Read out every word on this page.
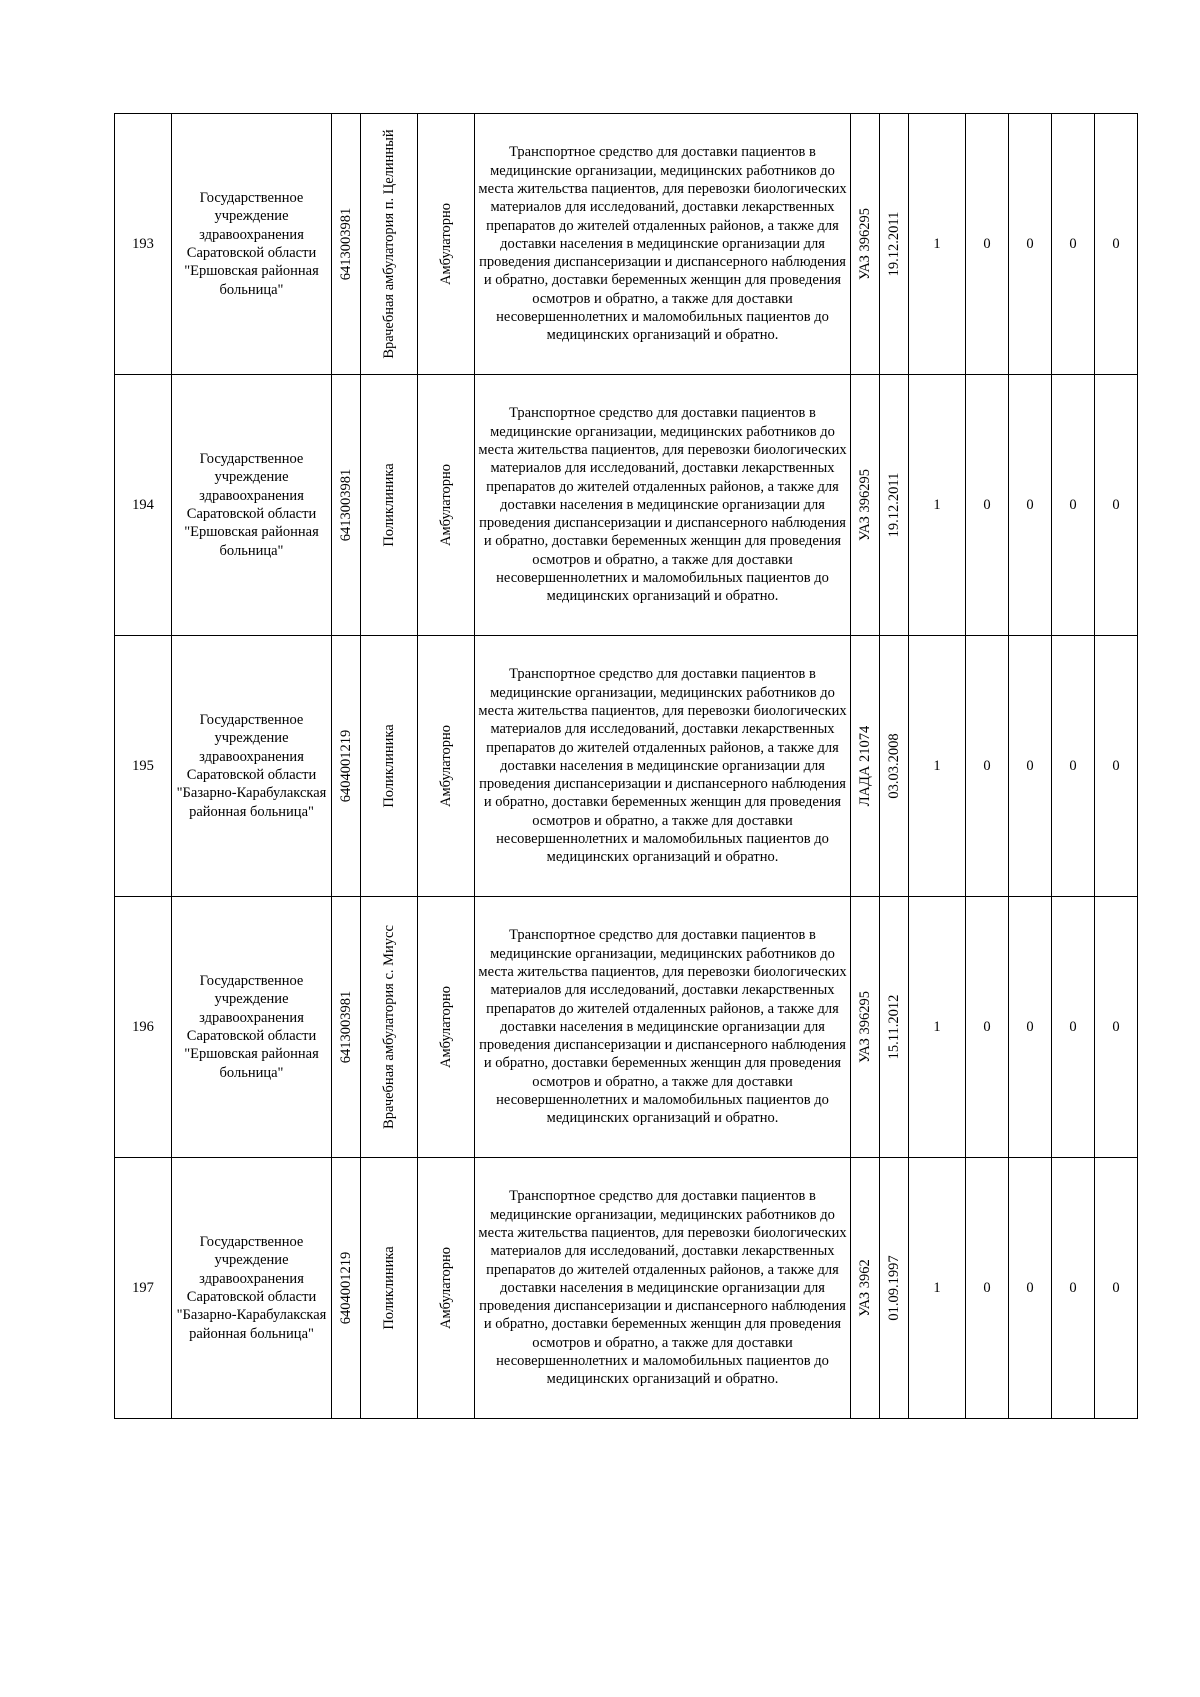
193	Государственное учреждение здравоохранения Саратовской области "Ершовская районная больница"	6413003981	Врачебная амбулатория п. Целинный	Амбулаторно	Транспортное средство для доставки пациентов в медицинские организации, медицинских работников до места жительства пациентов, для перевозки биологических материалов для исследований, доставки лекарственных препаратов до жителей отдаленных районов, а также для доставки населения в медицинские организации для проведения диспансеризации и диспансерного наблюдения и обратно, доставки беременных женщин для проведения осмотров и обратно, а также для доставки несовершеннолетних и маломобильных пациентов до медицинских организаций и обратно.	УАЗ 396295	19.12.2011	1	0	0	0	0
194	Государственное учреждение здравоохранения Саратовской области "Ершовская районная больница"	6413003981	Поликлиника	Амбулаторно	Транспортное средство для доставки пациентов в медицинские организации, медицинских работников до места жительства пациентов, для перевозки биологических материалов для исследований, доставки лекарственных препаратов до жителей отдаленных районов, а также для доставки населения в медицинские организации для проведения диспансеризации и диспансерного наблюдения и обратно, доставки беременных женщин для проведения осмотров и обратно, а также для доставки несовершеннолетних и маломобильных пациентов до медицинских организаций и обратно.	УАЗ 396295	19.12.2011	1	0	0	0	0
195	Государственное учреждение здравоохранения Саратовской области "Базарно-Карабулакская районная больница"	6404001219	Поликлиника	Амбулаторно	Транспортное средство для доставки пациентов в медицинские организации, медицинских работников до места жительства пациентов, для перевозки биологических материалов для исследований, доставки лекарственных препаратов до жителей отдаленных районов, а также для доставки населения в медицинские организации для проведения диспансеризации и диспансерного наблюдения и обратно, доставки беременных женщин для проведения осмотров и обратно, а также для доставки несовершеннолетних и маломобильных пациентов до медицинских организаций и обратно.	ЛАДА 21074	03.03.2008	1	0	0	0	0
196	Государственное учреждение здравоохранения Саратовской области "Ершовская районная больница"	6413003981	Врачебная амбулатория с. Миусс	Амбулаторно	Транспортное средство для доставки пациентов в медицинские организации, медицинских работников до места жительства пациентов, для перевозки биологических материалов для исследований, доставки лекарственных препаратов до жителей отдаленных районов, а также для доставки населения в медицинские организации для проведения диспансеризации и диспансерного наблюдения и обратно, доставки беременных женщин для проведения осмотров и обратно, а также для доставки несовершеннолетних и маломобильных пациентов до медицинских организаций и обратно.	УАЗ 396295	15.11.2012	1	0	0	0	0
197	Государственное учреждение здравоохранения Саратовской области "Базарно-Карабулакская районная больница"	6404001219	Поликлиника	Амбулаторно	Транспортное средство для доставки пациентов в медицинские организации, медицинских работников до места жительства пациентов, для перевозки биологических материалов для исследований, доставки лекарственных препаратов до жителей отдаленных районов, а также для доставки населения в медицинские организации для проведения диспансеризации и диспансерного наблюдения и обратно, доставки беременных женщин для проведения осмотров и обратно, а также для доставки несовершеннолетних и маломобильных пациентов до медицинских организаций и обратно.	УАЗ 3962	01.09.1997	1	0	0	0	0
